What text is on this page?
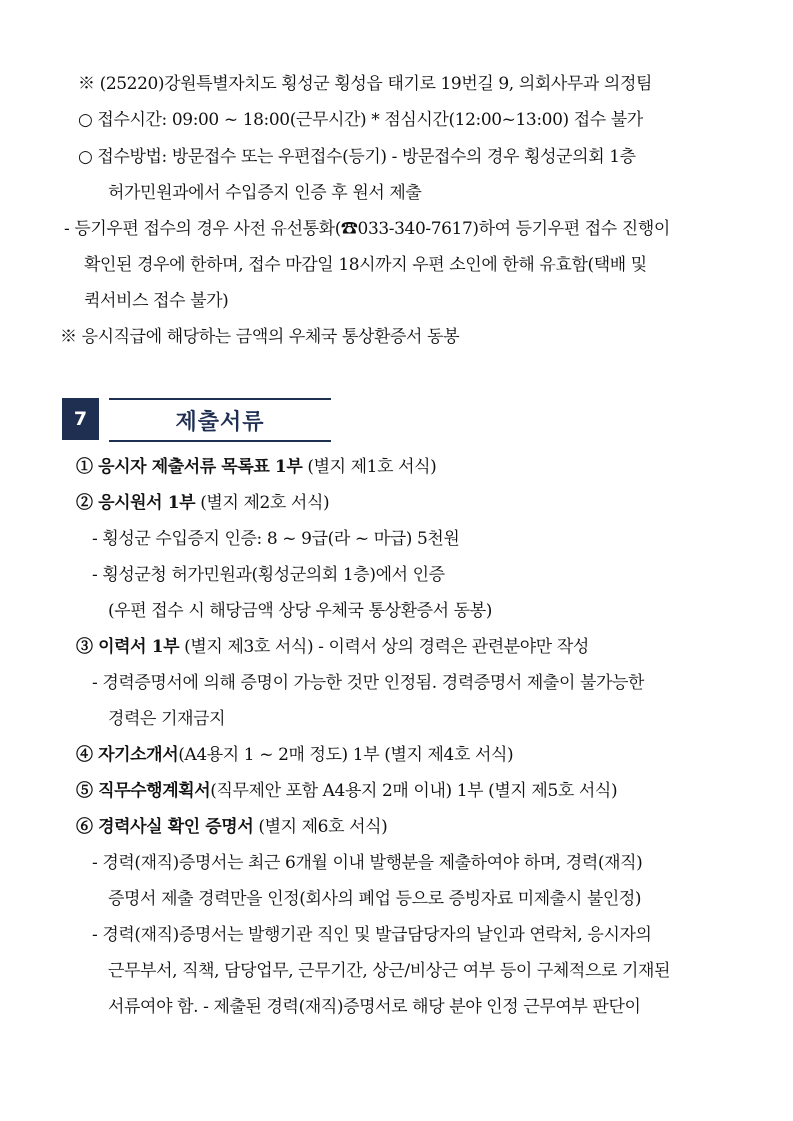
※ (25220)강원특별자치도 횡성군 횡성읍 태기로 19번길 9, 의회사무과 의정팀
○ 접수시간: 09:00 ~ 18:00(근무시간) * 점심시간(12:00~13:00) 접수 불가
○ 접수방법: 방문접수 또는 우편접수(등기) - 방문접수의 경우 횡성군의회 1층
허가민원과에서 수입증지 인증 후 원서 제출
- 등기우편 접수의 경우 사전 유선통화(☎033-340-7617)하여 등기우편 접수 진행이
확인된 경우에 한하며, 접수 마감일 18시까지 우편 소인에 한해 유효함(택배 및
퀵서비스 접수 불가)
※ 응시직급에 해당하는 금액의 우체국 통상환증서 동봉
7	제출서류
① 응시자 제출서류 목록표 1부 (별지 제1호 서식)
② 응시원서 1부 (별지 제2호 서식)
- 횡성군 수입증지 인증: 8 ~ 9급(라 ~ 마급) 5천원
- 횡성군청 허가민원과(횡성군의회 1층)에서 인증
(우편 접수 시 해당금액 상당 우체국 통상환증서 동봉)
③ 이력서 1부 (별지 제3호 서식) - 이력서 상의 경력은 관련분야만 작성
- 경력증명서에 의해 증명이 가능한 것만 인정됨. 경력증명서 제출이 불가능한
경력은 기재금지
④ 자기소개서(A4용지 1 ~ 2매 정도) 1부 (별지 제4호 서식)
⑤ 직무수행계획서(직무제안 포함 A4용지 2매 이내) 1부 (별지 제5호 서식)
⑥ 경력사실 확인 증명서 (별지 제6호 서식)
- 경력(재직)증명서는 최근 6개월 이내 발행분을 제출하여야 하며, 경력(재직)
증명서 제출 경력만을 인정(회사의 폐업 등으로 증빙자료 미제출시 불인정)
- 경력(재직)증명서는 발행기관 직인 및 발급담당자의 날인과 연락처, 응시자의
근무부서, 직책, 담당업무, 근무기간, 상근/비상근 여부 등이 구체적으로 기재된
서류여야 함. - 제출된 경력(재직)증명서로 해당 분야 인정 근무여부 판단이
